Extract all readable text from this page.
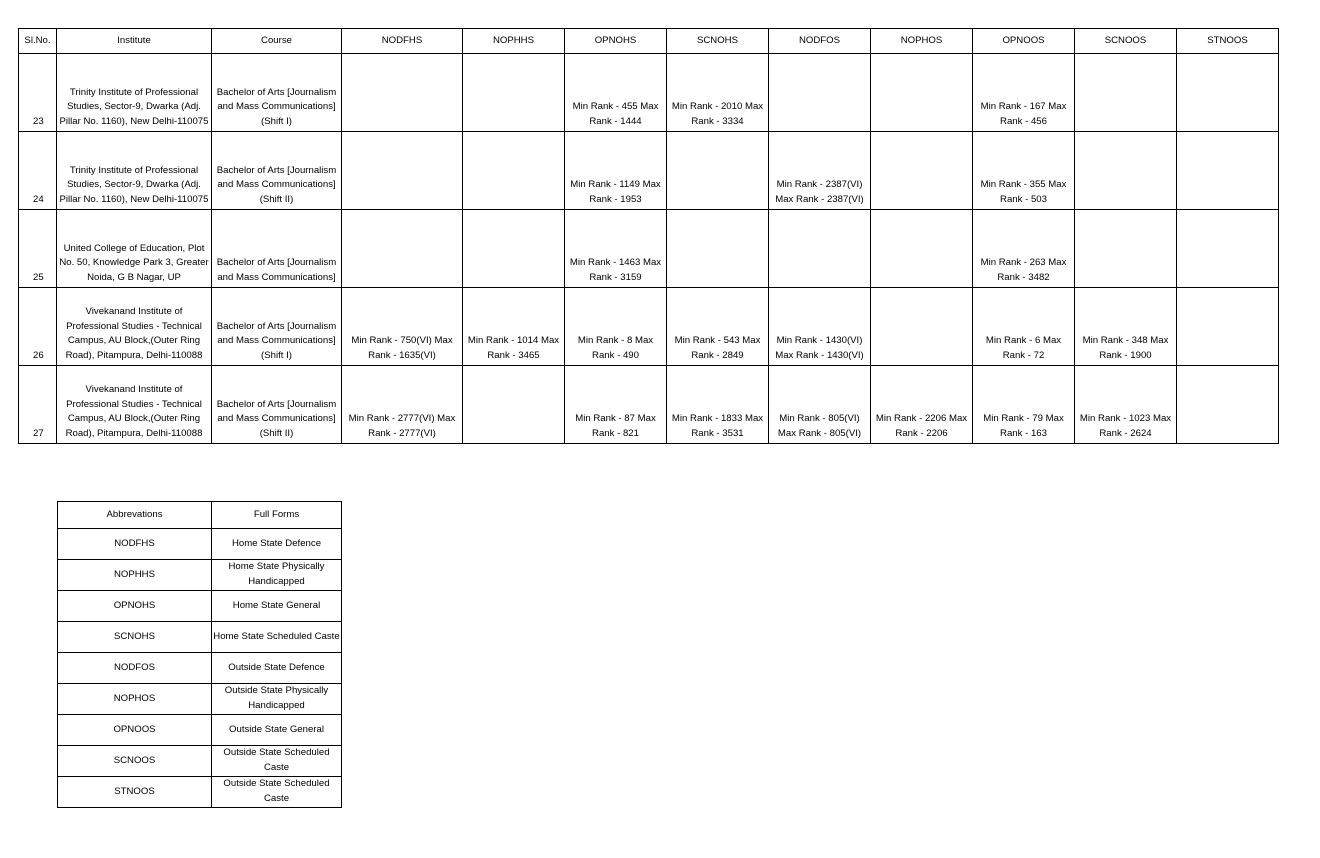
Sl.No.	Institute	Course	NODFHS	NOPHHS	OPNOHS	SCNOHS	NODFOS	NOPHOS	OPNOOS	SCNOOS	STNOOS
23	Trinity Institute of Professional Studies, Sector-9, Dwarka (Adj. Pillar No. 1160), New Delhi-110075	Bachelor of Arts [Journalism and Mass Communications] (Shift I)			Min Rank - 455 Max Rank - 1444	Min Rank - 2010 Max Rank - 3334			Min Rank - 167 Max Rank - 456		
24	Trinity Institute of Professional Studies, Sector-9, Dwarka (Adj. Pillar No. 1160), New Delhi-110075	Bachelor of Arts [Journalism and Mass Communications] (Shift II)			Min Rank - 1149 Max Rank - 1953		Min Rank - 2387(VI) Max Rank - 2387(VI)		Min Rank - 355 Max Rank - 503		
25	United College of Education, Plot No. 50, Knowledge Park 3, Greater Noida, G B Nagar, UP	Bachelor of Arts [Journalism and Mass Communications]			Min Rank - 1463 Max Rank - 3159				Min Rank - 263 Max Rank - 3482		
26	Vivekanand Institute of Professional Studies - Technical Campus, AU Block,(Outer Ring Road), Pitampura, Delhi-110088	Bachelor of Arts [Journalism and Mass Communications] (Shift I)	Min Rank - 750(VI) Max Rank - 1635(VI)	Min Rank - 1014 Max Rank - 3465	Min Rank - 8 Max Rank - 490	Min Rank - 543 Max Rank - 2849	Min Rank - 1430(VI) Max Rank - 1430(VI)		Min Rank - 6 Max Rank - 72	Min Rank - 348 Max Rank - 1900	
27	Vivekanand Institute of Professional Studies - Technical Campus, AU Block,(Outer Ring Road), Pitampura, Delhi-110088	Bachelor of Arts [Journalism and Mass Communications] (Shift II)	Min Rank - 2777(VI) Max Rank - 2777(VI)		Min Rank - 87 Max Rank - 821	Min Rank - 1833 Max Rank - 3531	Min Rank - 805(VI) Max Rank - 805(VI)	Min Rank - 2206 Max Rank - 2206	Min Rank - 79 Max Rank - 163	Min Rank - 1023 Max Rank - 2624	
Abbrevations	Full Forms
NODFHS	Home State Defence
NOPHHS	Home State Physically Handicapped
OPNOHS	Home State General
SCNOHS	Home State Scheduled Caste
NODFOS	Outside State Defence
NOPHOS	Outside State Physically Handicapped
OPNOOS	Outside State General
SCNOOS	Outside State Scheduled Caste
STNOOS	Outside State Scheduled Caste
